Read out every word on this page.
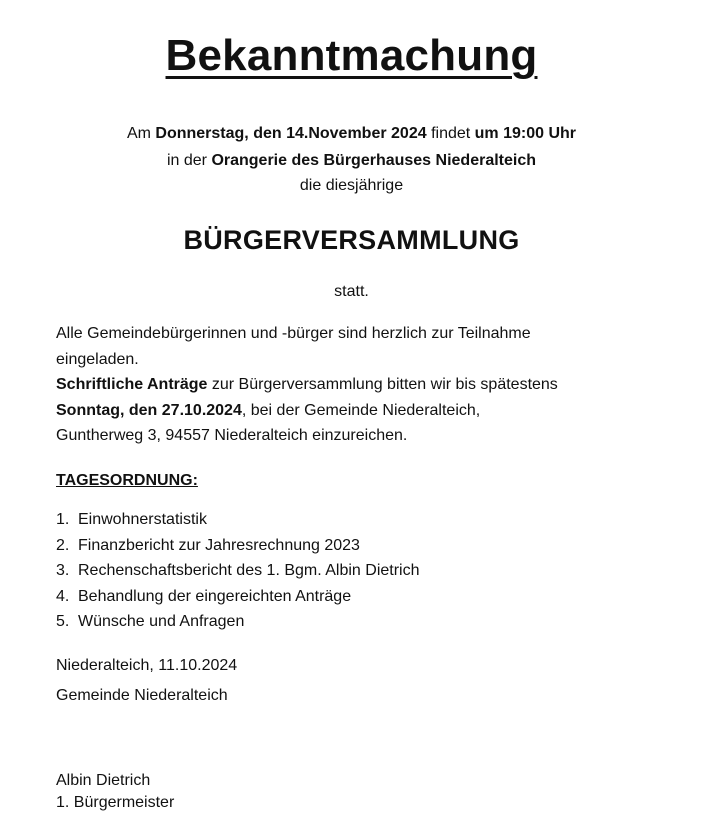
Bekanntmachung
Am Donnerstag, den 14.November 2024 findet um 19:00 Uhr
in der Orangerie des Bürgerhauses Niederalteich
die diesjährige
BÜRGERVERSAMMLUNG
statt.
Alle Gemeindebürgerinnen und -bürger sind herzlich zur Teilnahme
eingeladen.
Schriftliche Anträge zur Bürgerversammlung bitten wir bis spätestens
Sonntag, den 27.10.2024, bei der Gemeinde Niederalteich,
Guntherweg 3, 94557 Niederalteich einzureichen.
TAGESORDNUNG:
1. Einwohnerstatistik
2. Finanzbericht zur Jahresrechnung 2023
3. Rechenschaftsbericht des 1. Bgm. Albin Dietrich
4. Behandlung der eingereichten Anträge
5. Wünsche und Anfragen
Niederalteich, 11.10.2024
Gemeinde Niederalteich
Albin Dietrich
1. Bürgermeister
